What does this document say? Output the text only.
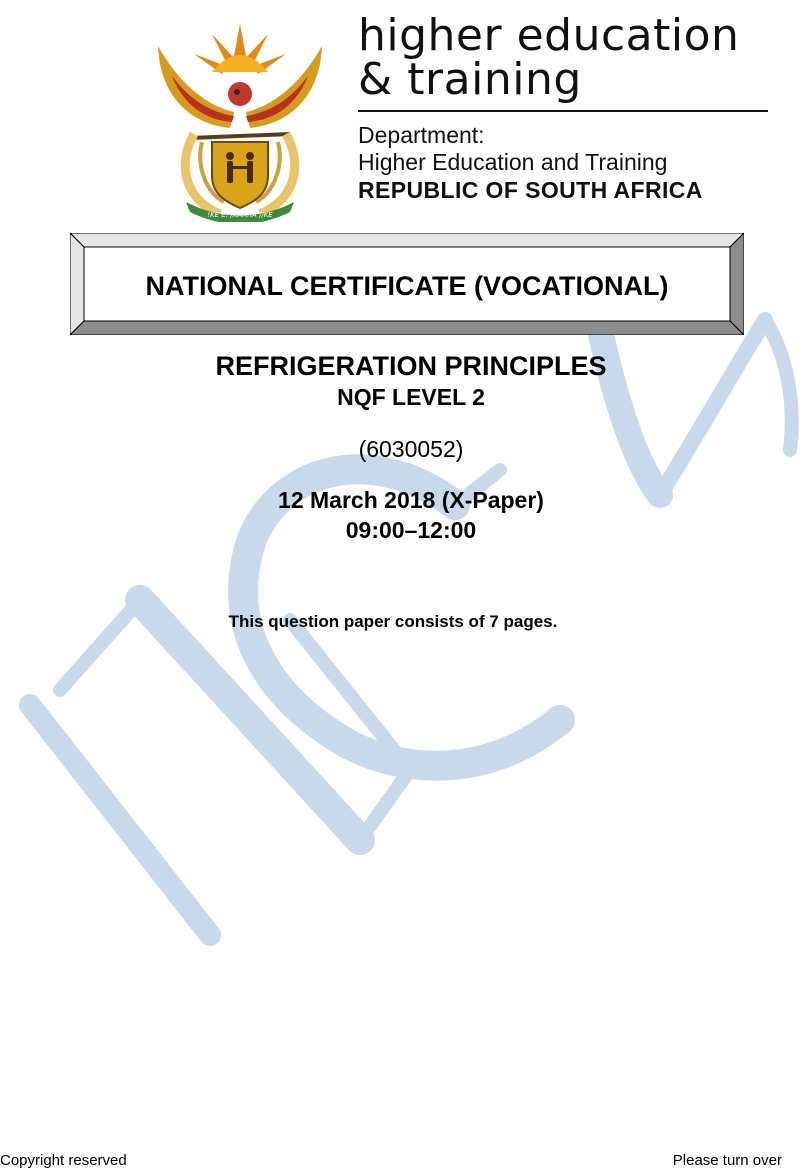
!KE E: /XARRA //KE
higher education
& training
Department:
Higher Education and Training
REPUBLIC OF SOUTH AFRICA
NATIONAL CERTIFICATE (VOCATIONAL)
REFRIGERATION PRINCIPLES
NQF LEVEL 2
(6030052)
12 March 2018 (X-Paper)
09:00–12:00
This question paper consists of 7 pages.
Copyright reserved	Please turn over
